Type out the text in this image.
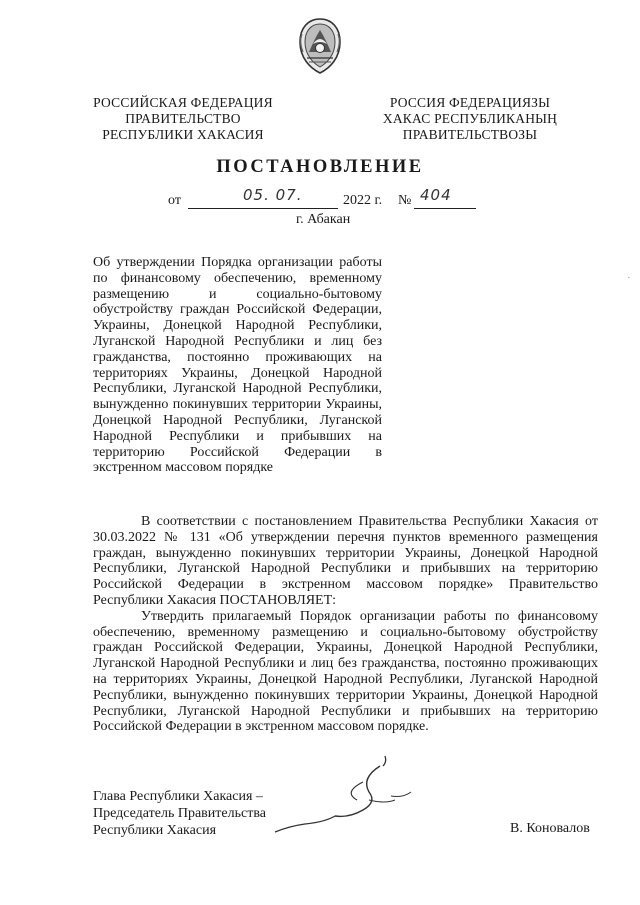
РОССИЙСКАЯ ФЕДЕРАЦИЯ
ПРАВИТЕЛЬСТВО
РЕСПУБЛИКИ ХАКАСИЯ
РОССИЯ ФЕДЕРАЦИЯЗЫ
ХАКАС РЕСПУБЛИКАНЫҢ
ПРАВИТЕЛЬСТВОЗЫ
ПОСТАНОВЛЕНИЕ
от	05. 07.	2022 г. № 404
г. Абакан
Об утверждении Порядка организации работы по финансовому обеспечению, временному размещению и социально-бытовому обустройству граждан Российской Федерации, Украины, Донецкой Народной Республики, Луганской Народной Республики и лиц без гражданства, постоянно проживающих на территориях Украины, Донецкой Народной Республики, Луганской Народной Республики, вынужденно покинувших территории Украины, Донецкой Народной Республики, Луганской Народной Республики и прибывших на территорию Российской Федерации в экстренном массовом порядке

В соответствии с постановлением Правительства Республики Хакасия от 30.03.2022 № 131 «Об утверждении перечня пунктов временного размещения граждан, вынужденно покинувших территории Украины, Донецкой Народной Республики, Луганской Народной Республики и прибывших на территорию Российской Федерации в экстренном массовом порядке» Правительство Республики Хакасия ПОСТАНОВЛЯЕТ:

Утвердить прилагаемый Порядок организации работы по финансовому обеспечению, временному размещению и социально-бытовому обустройству граждан Российской Федерации, Украины, Донецкой Народной Республики, Луганской Народной Республики и лиц без гражданства, постоянно проживающих на территориях Украины, Донецкой Народной Республики, Луганской Народной Республики, вынужденно покинувших территории Украины, Донецкой Народной Республики, Луганской Народной Республики и прибывших на территорию Российской Федерации в экстренном массовом порядке.

Глава Республики Хакасия –
Председатель Правительства
Республики Хакасия	В. Коновалов
·
